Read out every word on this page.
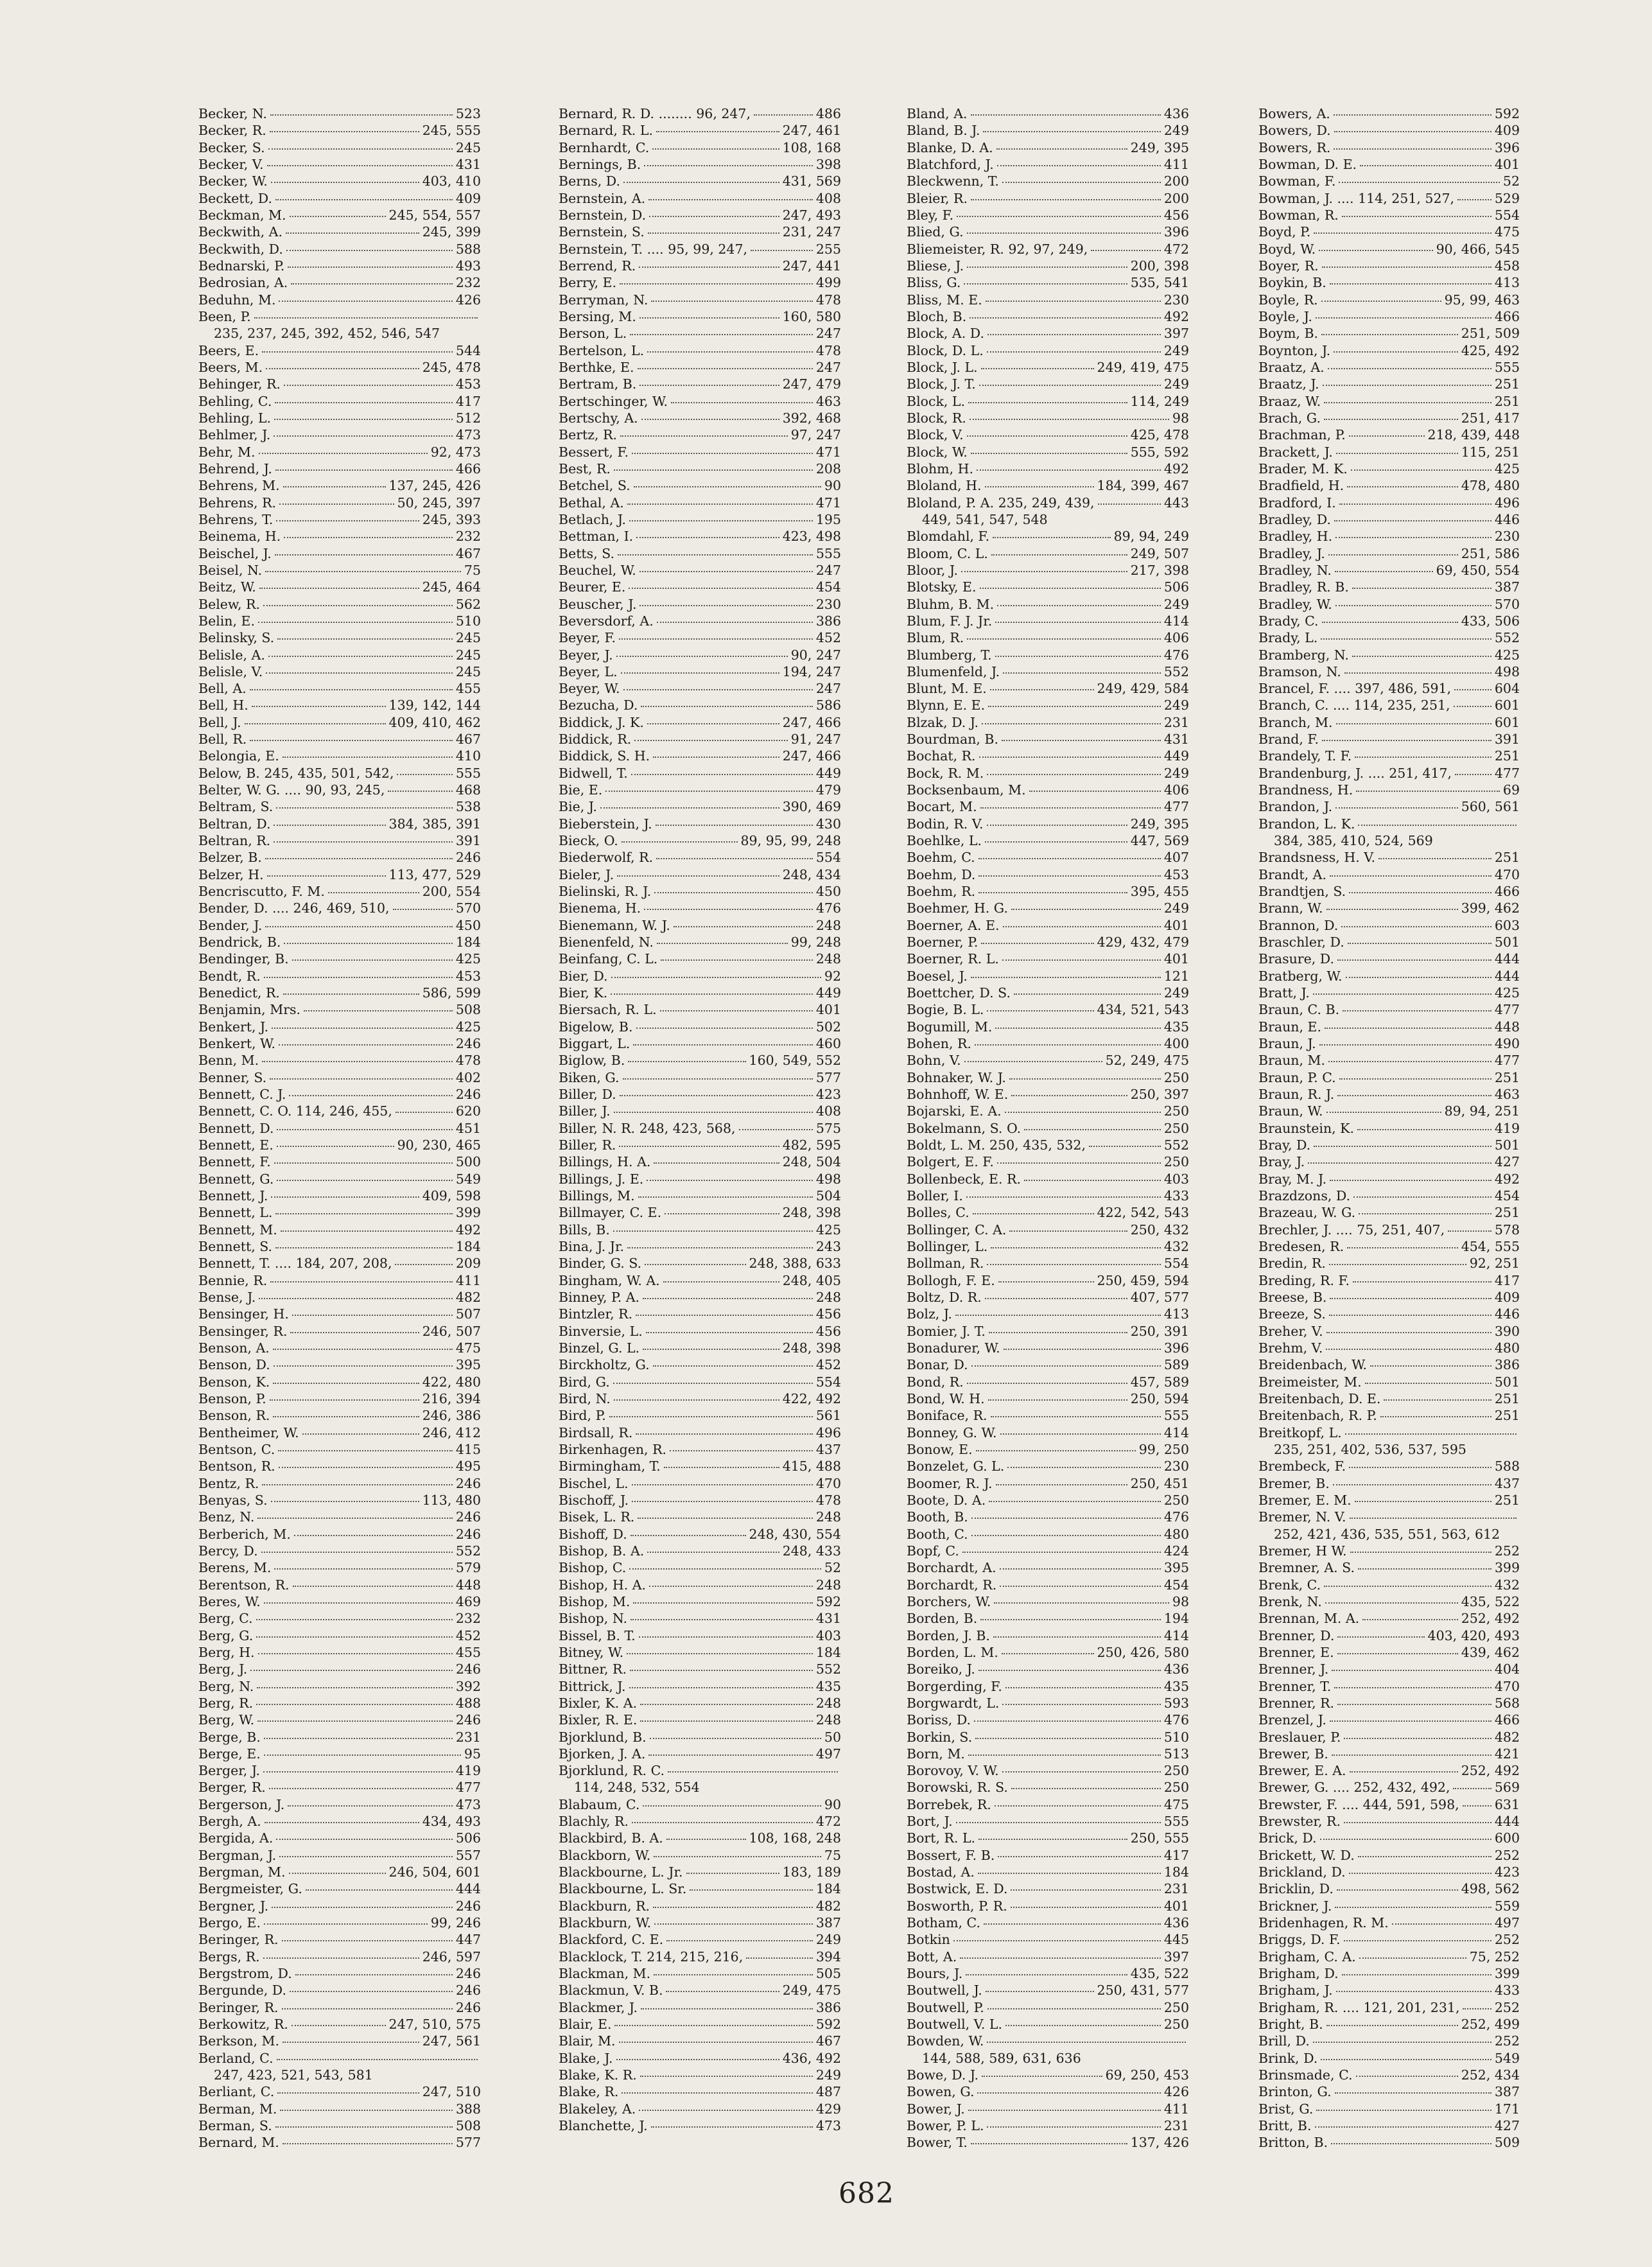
Becker, N.	523
Becker, R.	245, 555
Becker, S.	245
Becker, V.	431
Becker, W.	403, 410
Beckett, D.	409
Beckman, M.	245, 554, 557
Beckwith, A.	245, 399
Beckwith, D.	588
Bednarski, P.	493
Bedrosian, A.	232
Beduhn, M.	426
Been, P.
235, 237, 245, 392, 452, 546, 547
Beers, E.	544
Beers, M.	245, 478
Behinger, R.	453
Behling, C.	417
Behling, L.	512
Behlmer, J.	473
Behr, M.	92, 473
Behrend, J.	466
Behrens, M.	137, 245, 426
Behrens, R.	50, 245, 397
Behrens, T.	245, 393
Beinema, H.	232
Beischel, J.	467
Beisel, N.	75
Beitz, W.	245, 464
Belew, R.	562
Belin, E.	510
Belinsky, S.	245
Belisle, A.	245
Belisle, V.	245
Bell, A.	455
Bell, H.	139, 142, 144
Bell, J.	409, 410, 462
Bell, R.	467
Belongia, E.	410
Below, B. 245, 435, 501, 542,	555
Belter, W. G. .... 90, 93, 245,	468
Beltram, S.	538
Beltran, D.	384, 385, 391
Beltran, R.	391
Belzer, B.	246
Belzer, H.	113, 477, 529
Bencriscutto, F. M.	200, 554
Bender, D. .... 246, 469, 510,	570
Bender, J.	450
Bendrick, B.	184
Bendinger, B.	425
Bendt, R.	453
Benedict, R.	586, 599
Benjamin, Mrs.	508
Benkert, J.	425
Benkert, W.	246
Benn, M.	478
Benner, S.	402
Bennett, C. J.	246
Bennett, C. O. 114, 246, 455,	620
Bennett, D.	451
Bennett, E.	90, 230, 465
Bennett, F.	500
Bennett, G.	549
Bennett, J.	409, 598
Bennett, L.	399
Bennett, M.	492
Bennett, S.	184
Bennett, T. .... 184, 207, 208,	209
Bennie, R.	411
Bense, J.	482
Bensinger, H.	507
Bensinger, R.	246, 507
Benson, A.	475
Benson, D.	395
Benson, K.	422, 480
Benson, P.	216, 394
Benson, R.	246, 386
Benthеimer, W.	246, 412
Bentson, C.	415
Bentson, R.	495
Bentz, R.	246
Benyas, S.	113, 480
Benz, N.	246
Berberich, M.	246
Bercy, D.	552
Berens, M.	579
Berentson, R.	448
Beres, W.	469
Berg, C.	232
Berg, G.	452
Berg, H.	455
Berg, J.	246
Berg, N.	392
Berg, R.	488
Berg, W.	246
Berge, B.	231
Berge, E.	95
Berger, J.	419
Berger, R.	477
Bergerson, J.	473
Bergh, A.	434, 493
Bergida, A.	506
Bergman, J.	557
Bergman, M.	246, 504, 601
Bergmeister, G.	444
Bergner, J.	246
Bergo, E.	99, 246
Beringer, R.	447
Bergs, R.	246, 597
Bergstrom, D.	246
Bergunde, D.	246
Beringer, R.	246
Berkowitz, R.	247, 510, 575
Berkson, M.	247, 561
Berland, C.
247, 423, 521, 543, 581
Berliant, C.	247, 510
Berman, M.	388
Berman, S.	508
Bernard, M.	577
Bernard, R. D. ........ 96, 247,	486
Bernard, R. L.	247, 461
Bernhardt, C.	108, 168
Bernings, B.	398
Berns, D.	431, 569
Bernstein, A.	408
Bernstein, D.	247, 493
Bernstein, S.	231, 247
Bernstein, T. .... 95, 99, 247,	255
Berrend, R.	247, 441
Berry, E.	499
Berryman, N.	478
Bersing, M.	160, 580
Berson, L.	247
Bertelson, L.	478
Berthke, E.	247
Bertram, B.	247, 479
Bertschinger, W.	463
Bertschy, A.	392, 468
Bertz, R.	97, 247
Bessert, F.	471
Best, R.	208
Betchel, S.	90
Bethal, A.	471
Betlach, J.	195
Bettman, I.	423, 498
Betts, S.	555
Beuchel, W.	247
Beurer, E.	454
Beuscher, J.	230
Beversdorf, A.	386
Beyer, F.	452
Beyer, J.	90, 247
Beyer, L.	194, 247
Beyer, W.	247
Bezucha, D.	586
Biddick, J. K.	247, 466
Biddick, R.	91, 247
Biddick, S. H.	247, 466
Bidwell, T.	449
Bie, E.	479
Bie, J.	390, 469
Bieberstein, J.	430
Bieck, O.	89, 95, 99, 248
Biederwolf, R.	554
Bieler, J.	248, 434
Bielinski, R. J.	450
Bienema, H.	476
Bienemann, W. J.	248
Bienenfeld, N.	99, 248
Beinfang, C. L.	248
Bier, D.	92
Bier, K.	449
Biersach, R. L.	401
Bigelow, B.	502
Biggart, L.	460
Biglow, B.	160, 549, 552
Biken, G.	577
Biller, D.	423
Biller, J.	408
Biller, N. R. 248, 423, 568,	575
Biller, R.	482, 595
Billings, H. A.	248, 504
Billings, J. E.	498
Billings, M.	504
Billmayer, C. E.	248, 398
Bills, B.	425
Bina, J. Jr.	243
Binder, G. S.	248, 388, 633
Bingham, W. A.	248, 405
Binney, P. A.	248
Bintzler, R.	456
Binversie, L.	456
Binzel, G. L.	248, 398
Birckholtz, G.	452
Bird, G.	554
Bird, N.	422, 492
Bird, P.	561
Birdsall, R.	496
Birkenhagen, R.	437
Birmingham, T.	415, 488
Bischel, L.	470
Bischoff, J.	478
Bisek, L. R.	248
Bishoff, D.	248, 430, 554
Bishop, B. A.	248, 433
Bishop, C.	52
Bishop, H. A.	248
Bishop, M.	592
Bishop, N.	431
Bissel, B. T.	403
Bitney, W.	184
Bittner, R.	552
Bittrick, J.	435
Bixler, K. A.	248
Bixler, R. E.	248
Bjorklund, B.	50
Bjorken, J. A.	497
Bjorklund, R. C.
114, 248, 532, 554
Blabaum, C.	90
Blachly, R.	472
Blackbird, B. A.	108, 168, 248
Blackborn, W.	75
Blackbourne, L. Jr.	183, 189
Blackbourne, L. Sr.	184
Blackburn, R.	482
Blackburn, W.	387
Blackford, C. E.	249
Blacklock, T. 214, 215, 216,	394
Blackman, M.	505
Blackmun, V. B.	249, 475
Blackmer, J.	386
Blair, E.	592
Blair, M.	467
Blake, J.	436, 492
Blake, K. R.	249
Blake, R.	487
Blakeley, A.	429
Blanchette, J.	473
Bland, A.	436
Bland, B. J.	249
Blanke, D. A.	249, 395
Blatchford, J.	411
Bleckwenn, T.	200
Bleier, R.	200
Bley, F.	456
Blied, G.	396
Bliemeister, R. 92, 97, 249,	472
Bliese, J.	200, 398
Bliss, G.	535, 541
Bliss, M. E.	230
Bloch, B.	492
Block, A. D.	397
Block, D. L.	249
Block, J. L.	249, 419, 475
Block, J. T.	249
Block, L.	114, 249
Block, R.	98
Block, V.	425, 478
Block, W.	555, 592
Blohm, H.	492
Bloland, H.	184, 399, 467
Bloland, P. A. 235, 249, 439,	443
449, 541, 547, 548
Blomdahl, F.	89, 94, 249
Bloom, C. L.	249, 507
Bloor, J.	217, 398
Blotsky, E.	506
Bluhm, B. M.	249
Blum, F. J. Jr.	414
Blum, R.	406
Blumberg, T.	476
Blumenfeld, J.	552
Blunt, M. E.	249, 429, 584
Blynn, E. E.	249
Blzak, D. J.	231
Bourdman, B.	431
Bochat, R.	449
Bock, R. M.	249
Bocksenbaum, M.	406
Bocart, M.	477
Bodin, R. V.	249, 395
Boehlke, L.	447, 569
Boehm, C.	407
Boehm, D.	453
Boehm, R.	395, 455
Boehmer, H. G.	249
Boerner, A. E.	401
Boerner, P.	429, 432, 479
Boerner, R. L.	401
Boesel, J.	121
Boettcher, D. S.	249
Bogie, B. L.	434, 521, 543
Bogumill, M.	435
Bohen, R.	400
Bohn, V.	52, 249, 475
Bohnaker, W. J.	250
Bohnhoff, W. E.	250, 397
Bojarski, E. A.	250
Bokelmann, S. O.	250
Boldt, L. M. 250, 435, 532,	552
Bolgert, E. F.	250
Bollenbeck, E. R.	403
Boller, I.	433
Bolles, C.	422, 542, 543
Bollinger, C. A.	250, 432
Bollinger, L.	432
Bollman, R.	554
Bollogh, F. E.	250, 459, 594
Boltz, D. R.	407, 577
Bolz, J.	413
Bomier, J. T.	250, 391
Bonadurer, W.	396
Bonar, D.	589
Bond, R.	457, 589
Bond, W. H.	250, 594
Boniface, R.	555
Bonney, G. W.	414
Bonow, E.	99, 250
Bonzelet, G. L.	230
Boomer, R. J.	250, 451
Boote, D. A.	250
Booth, B.	476
Booth, C.	480
Bopf, C.	424
Borchardt, A.	395
Borchardt, R.	454
Borchers, W.	98
Borden, B.	194
Borden, J. B.	414
Borden, L. M.	250, 426, 580
Boreiko, J.	436
Borgerding, F.	435
Borgwardt, L.	593
Boriss, D.	476
Borkin, S.	510
Born, M.	513
Borovoy, V. W.	250
Borowski, R. S.	250
Borrebek, R.	475
Bort, J.	555
Bort, R. L.	250, 555
Bossert, F. B.	417
Bostad, A.	184
Bostwick, E. D.	231
Bosworth, P. R.	401
Botham, C.	436
Botkin	445
Bott, A.	397
Bours, J.	435, 522
Boutwell, J.	250, 431, 577
Boutwell, P.	250
Boutwell, V. L.	250
Bowden, W.
144, 588, 589, 631, 636
Bowe, D. J.	69, 250, 453
Bowen, G.	426
Bower, J.	411
Bower, P. L.	231
Bower, T.	137, 426
Bowers, A.	592
Bowers, D.	409
Bowers, R.	396
Bowman, D. E.	401
Bowman, F.	52
Bowman, J. .... 114, 251, 527,	529
Bowman, R.	554
Boyd, P.	475
Boyd, W.	90, 466, 545
Boyer, R.	458
Boykin, B.	413
Boyle, R.	95, 99, 463
Boyle, J.	466
Boym, B.	251, 509
Boynton, J.	425, 492
Braatz, A.	555
Braatz, J.	251
Braaz, W.	251
Brach, G.	251, 417
Brachman, P.	218, 439, 448
Brackett, J.	115, 251
Brader, M. K.	425
Bradfield, H.	478, 480
Bradford, I.	496
Bradley, D.	446
Bradley, H.	230
Bradley, J.	251, 586
Bradley, N.	69, 450, 554
Bradley, R. B.	387
Bradley, W.	570
Brady, C.	433, 506
Brady, L.	552
Bramberg, N.	425
Bramson, N.	498
Brancel, F. .... 397, 486, 591,	604
Branch, C. .... 114, 235, 251,	601
Branch, M.	601
Brand, F.	391
Brandely, T. F.	251
Brandenburg, J. .... 251, 417,	477
Brandness, H.	69
Brandon, J.	560, 561
Brandon, L. K.
384, 385, 410, 524, 569
Brandsness, H. V.	251
Brandt, A.	470
Brandtjen, S.	466
Brann, W.	399, 462
Brannon, D.	603
Braschler, D.	501
Brasure, D.	444
Bratberg, W.	444
Bratt, J.	425
Braun, C. B.	477
Braun, E.	448
Braun, J.	490
Braun, M.	477
Braun, P. C.	251
Braun, R. J.	463
Braun, W.	89, 94, 251
Braunstein, K.	419
Bray, D.	501
Bray, J.	427
Bray, M. J.	492
Brazdzons, D.	454
Brazeau, W. G.	251
Brechler, J. .... 75, 251, 407,	578
Bredesen, R.	454, 555
Bredin, R.	92, 251
Breding, R. F.	417
Breese, B.	409
Breeze, S.	446
Breher, V.	390
Brehm, V.	480
Breidenbach, W.	386
Breimeister, M.	501
Breitenbach, D. E.	251
Breitenbach, R. P.	251
Breitkopf, L.
235, 251, 402, 536, 537, 595
Brembeck, F.	588
Bremer, B.	437
Bremer, E. M.	251
Bremer, N. V.
252, 421, 436, 535, 551, 563, 612
Bremer, H W.	252
Bremner, A. S.	399
Brenk, C.	432
Brenk, N.	435, 522
Brennan, M. A.	252, 492
Brenner, D.	403, 420, 493
Brenner, E.	439, 462
Brenner, J.	404
Brenner, T.	470
Brenner, R.	568
Brenzel, J.	466
Breslauer, P.	482
Brewer, B.	421
Brewer, E. A.	252, 492
Brewer, G. .... 252, 432, 492,	569
Brewster, F. .... 444, 591, 598,	631
Brewster, R.	444
Brick, D.	600
Brickett, W. D.	252
Brickland, D.	423
Bricklin, D.	498, 562
Brickner, J.	559
Bridenhagen, R. M.	497
Briggs, D. F.	252
Brigham, C. A.	75, 252
Brigham, D.	399
Brigham, J.	433
Brigham, R. .... 121, 201, 231,	252
Bright, B.	252, 499
Brill, D.	252
Brink, D.	549
Brinsmade, C.	252, 434
Brinton, G.	387
Brist, G.	171
Britt, B.	427
Britton, B.	509
682
